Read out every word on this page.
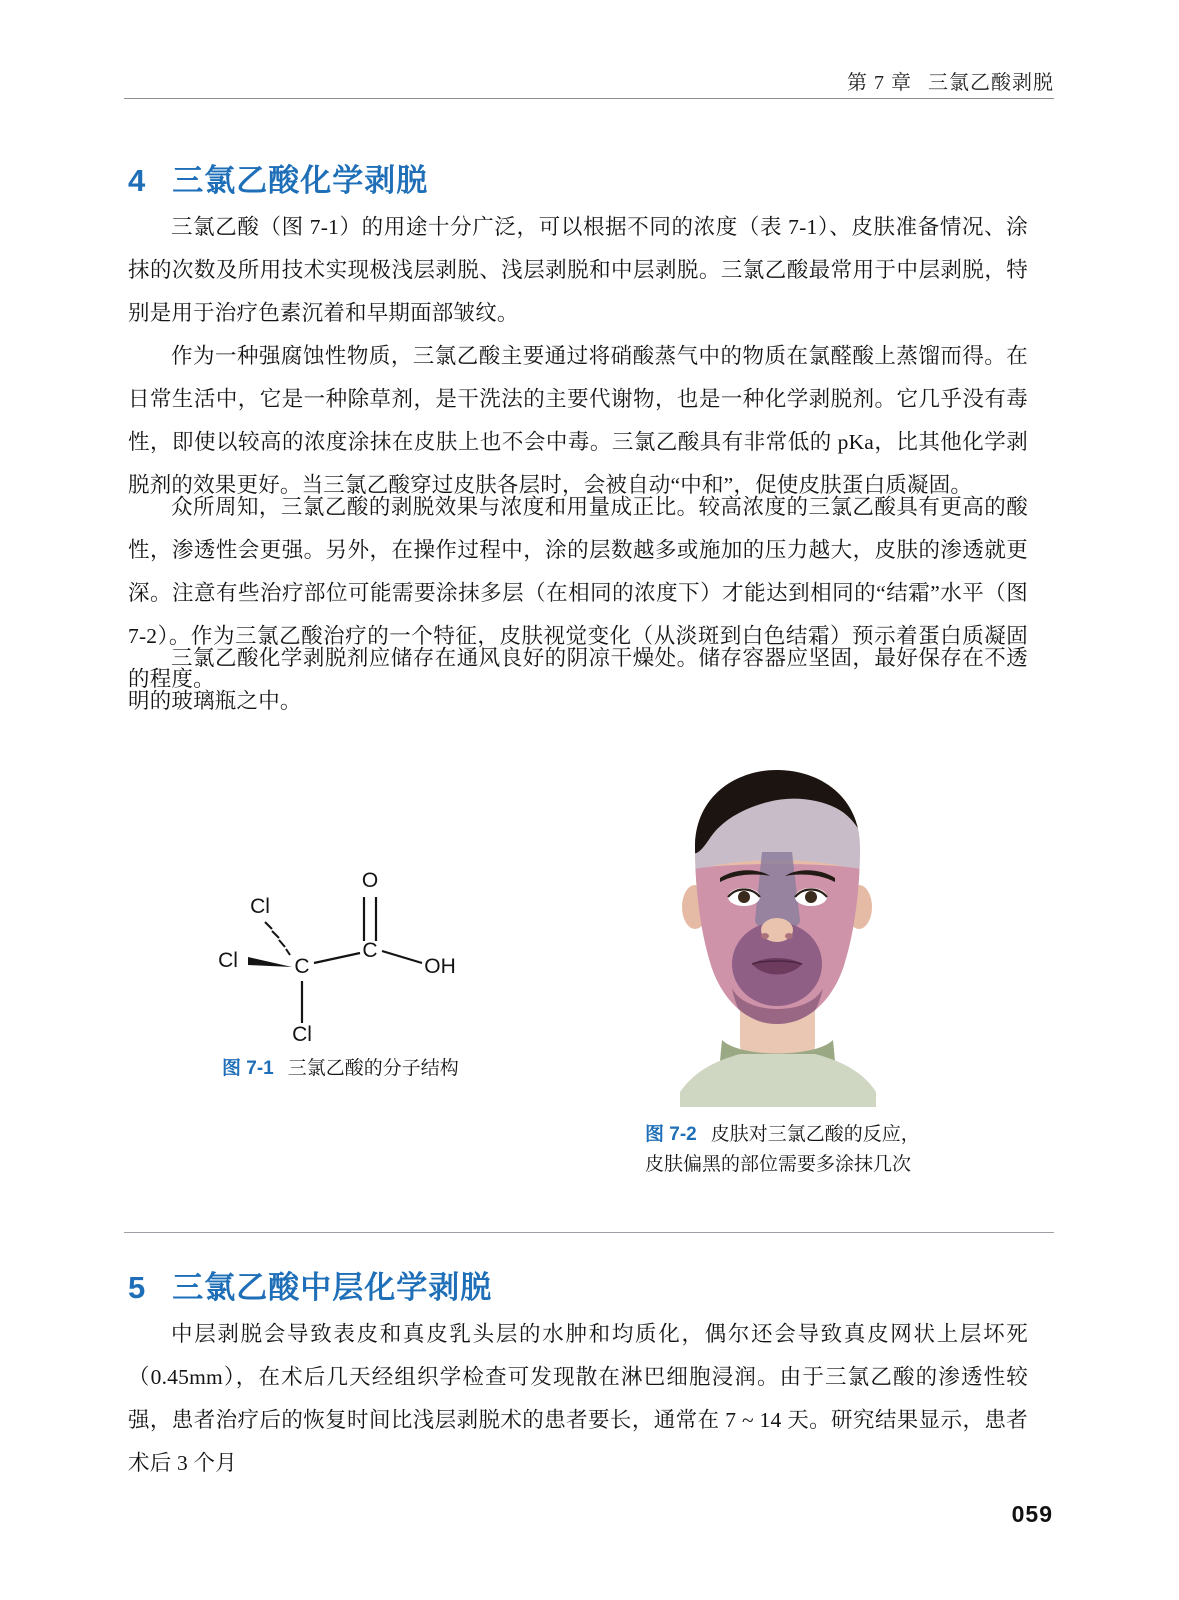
第 7 章 三氯乙酸剥脱
4 三氯乙酸化学剥脱
三氯乙酸（图 7-1）的用途十分广泛，可以根据不同的浓度（表 7-1）、皮肤准备情况、涂抹的次数及所用技术实现极浅层剥脱、浅层剥脱和中层剥脱。三氯乙酸最常用于中层剥脱，特别是用于治疗色素沉着和早期面部皱纹。
作为一种强腐蚀性物质，三氯乙酸主要通过将硝酸蒸气中的物质在氯醛酸上蒸馏而得。在日常生活中，它是一种除草剂，是干洗法的主要代谢物，也是一种化学剥脱剂。它几乎没有毒性，即使以较高的浓度涂抹在皮肤上也不会中毒。三氯乙酸具有非常低的 pKa，比其他化学剥脱剂的效果更好。当三氯乙酸穿过皮肤各层时，会被自动“中和”，促使皮肤蛋白质凝固。
众所周知，三氯乙酸的剥脱效果与浓度和用量成正比。较高浓度的三氯乙酸具有更高的酸性，渗透性会更强。另外，在操作过程中，涂的层数越多或施加的压力越大，皮肤的渗透就更深。注意有些治疗部位可能需要涂抹多层（在相同的浓度下）才能达到相同的“结霜”水平（图 7-2）。作为三氯乙酸治疗的一个特征，皮肤视觉变化（从淡斑到白色结霜）预示着蛋白质凝固的程度。
三氯乙酸化学剥脱剂应储存在通风良好的阴凉干燥处。储存容器应坚固，最好保存在不透明的玻璃瓶之中。
C
C
O
OH
Cl
Cl
Cl
图 7-1 三氯乙酸的分子结构
图 7-2 皮肤对三氯乙酸的反应，
皮肤偏黑的部位需要多涂抹几次
5 三氯乙酸中层化学剥脱
中层剥脱会导致表皮和真皮乳头层的水肿和均质化，偶尔还会导致真皮网状上层坏死（0.45mm），在术后几天经组织学检查可发现散在淋巴细胞浸润。由于三氯乙酸的渗透性较强，患者治疗后的恢复时间比浅层剥脱术的患者要长，通常在 7 ~ 14 天。研究结果显示，患者术后 3 个月
059
